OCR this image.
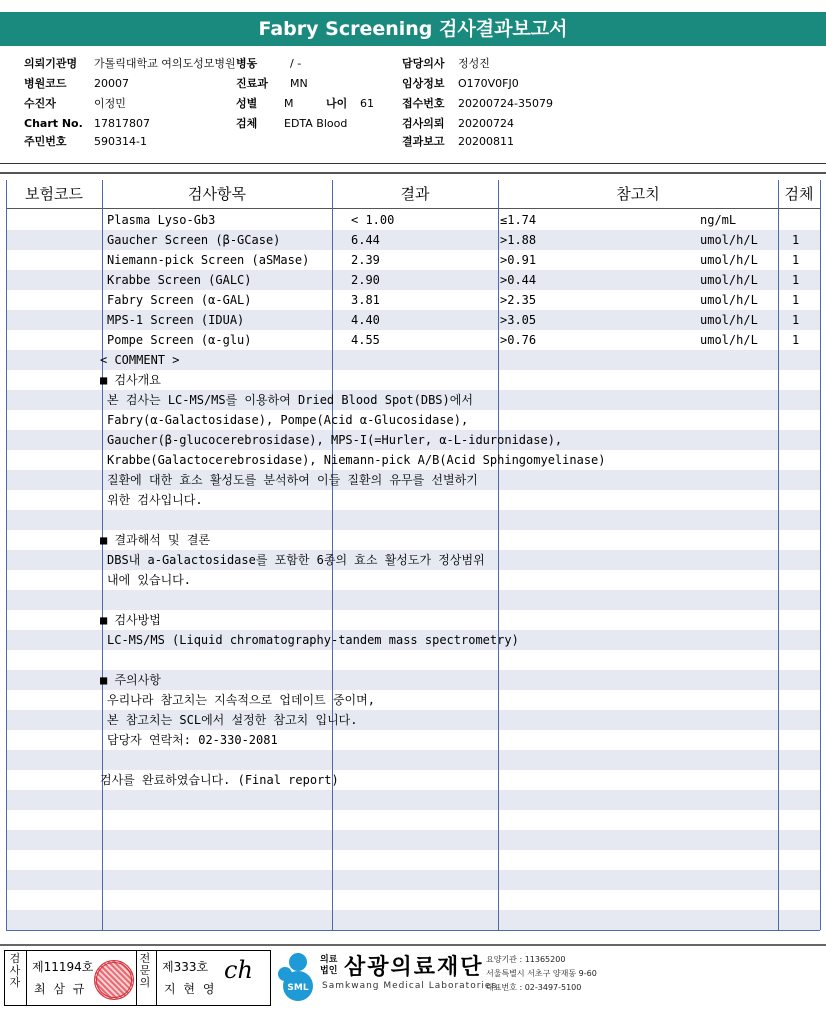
Fabry Screening 검사결과보고서
의뢰기관명 가톨릭대학교 여의도성모병원
병원코드 20007
수진자	이정민
Chart No. 17817807
주민번호 590314-1
병동	/ -
진료과 MN
성별 M	나이 61
검체 EDTA Blood
담당의사 정성진
임상정보 O170V0FJ0
접수번호 20200724-35079
검사의뢰 20200724
결과보고 20200811
보험코드	검사항목	결과	참고치	검체
Plasma Lyso-Gb3	< 1.00	≤1.74	ng/mL
Gaucher Screen (β-GCase)	6.44	>1.88	umol/h/L	1
Niemann-pick Screen (aSMase)	2.39	>0.91	umol/h/L	1
Krabbe Screen (GALC)	2.90	>0.44	umol/h/L	1
Fabry Screen (α-GAL)	3.81	>2.35	umol/h/L	1
MPS-1 Screen (IDUA)	4.40	>3.05	umol/h/L	1
Pompe Screen (α-glu)	4.55	>0.76	umol/h/L	1
< COMMENT >
■ 검사개요
본 검사는 LC-MS/MS를 이용하여 Dried Blood Spot(DBS)에서
Fabry(α-Galactosidase), Pompe(Acid α-Glucosidase),
Gaucher(β-glucocerebrosidase), MPS-I(=Hurler, α-L-iduronidase),
Krabbe(Galactocerebrosidase), Niemann-pick A/B(Acid Sphingomyelinase)
질환에 대한 효소 활성도를 분석하여 이들 질환의 유무를 선별하기
위한 검사입니다.
■ 결과해석 및 결론
DBS내 a-Galactosidase를 포함한 6종의 효소 활성도가 정상범위
내에 있습니다.
■ 검사방법
LC-MS/MS (Liquid chromatography-tandem mass spectrometry)
■ 주의사항
우리나라 참고치는 지속적으로 업데이트 중이며,
본 참고치는 SCL에서 설정한 참고치 입니다.
담당자 연락처: 02-330-2081
검사를 완료하였습니다. (Final report)
검사자
제11194호
최 삼 규
전문의
제333호
지 현 영
ch
SML
의료법인 삼광의료재단
Samkwang Medical Laboratories
요양기관 : 11365200
서울특별시 서초구 양재동 9-60
대표번호 : 02-3497-5100
